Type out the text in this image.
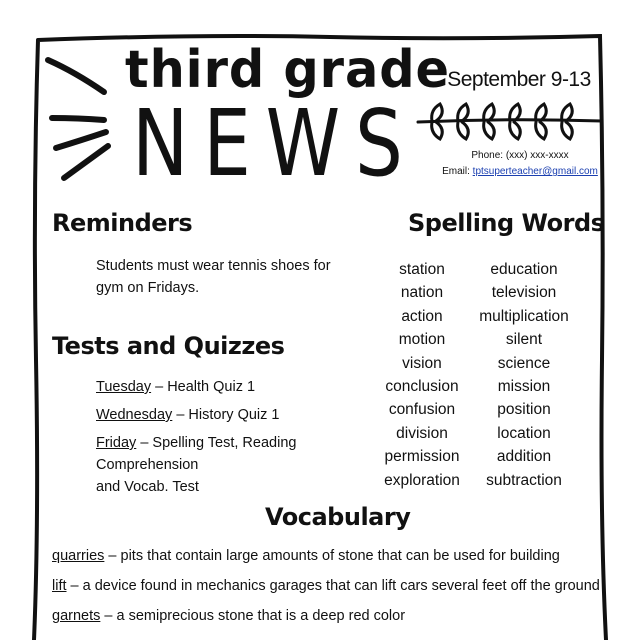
third grade
NEWS
September 9-13
Phone: (xxx) xxx-xxxx
Email: tptsuperteacher@gmail.com
Reminders
Students must wear tennis shoes for
gym on Fridays.
Tests and Quizzes
Tuesday – Health Quiz 1
Wednesday – History Quiz 1
Friday – Spelling Test, Reading Comprehension
and Vocab. Test
Spelling Words
station
nation
action
motion
vision
conclusion
confusion
division
permission
exploration
education
television
multiplication
silent
science
mission
position
location
addition
subtraction
Vocabulary
quarries – pits that contain large amounts of stone that can be used for building
lift – a device found in mechanics garages that can lift cars several feet off the ground
garnets – a semiprecious stone that is a deep red color
